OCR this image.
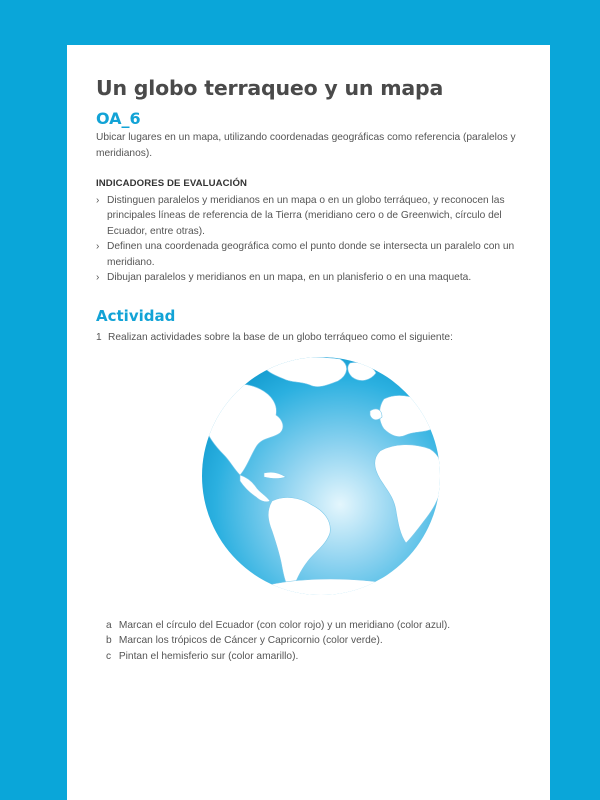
Un globo terraqueo y un mapa
OA_6

Ubicar lugares en un mapa, utilizando coordenadas geográficas como referencia (paralelos y meridianos).

INDICADORES DE EVALUACIÓN
› Distinguen paralelos y meridianos en un mapa o en un globo terráqueo, y reconocen las principales líneas de referencia de la Tierra (meridiano cero o de Greenwich, círculo del Ecuador, entre otras).
› Definen una coordenada geográfica como el punto donde se intersecta un paralelo con un meridiano.
› Dibujan paralelos y meridianos en un mapa, en un planisferio o en una maqueta.
Actividad
1 Realizan actividades sobre la base de un globo terráqueo como el siguiente:
a Marcan el círculo del Ecuador (con color rojo) y un meridiano (color azul).
b Marcan los trópicos de Cáncer y Capricornio (color verde).
c Pintan el hemisferio sur (color amarillo).
